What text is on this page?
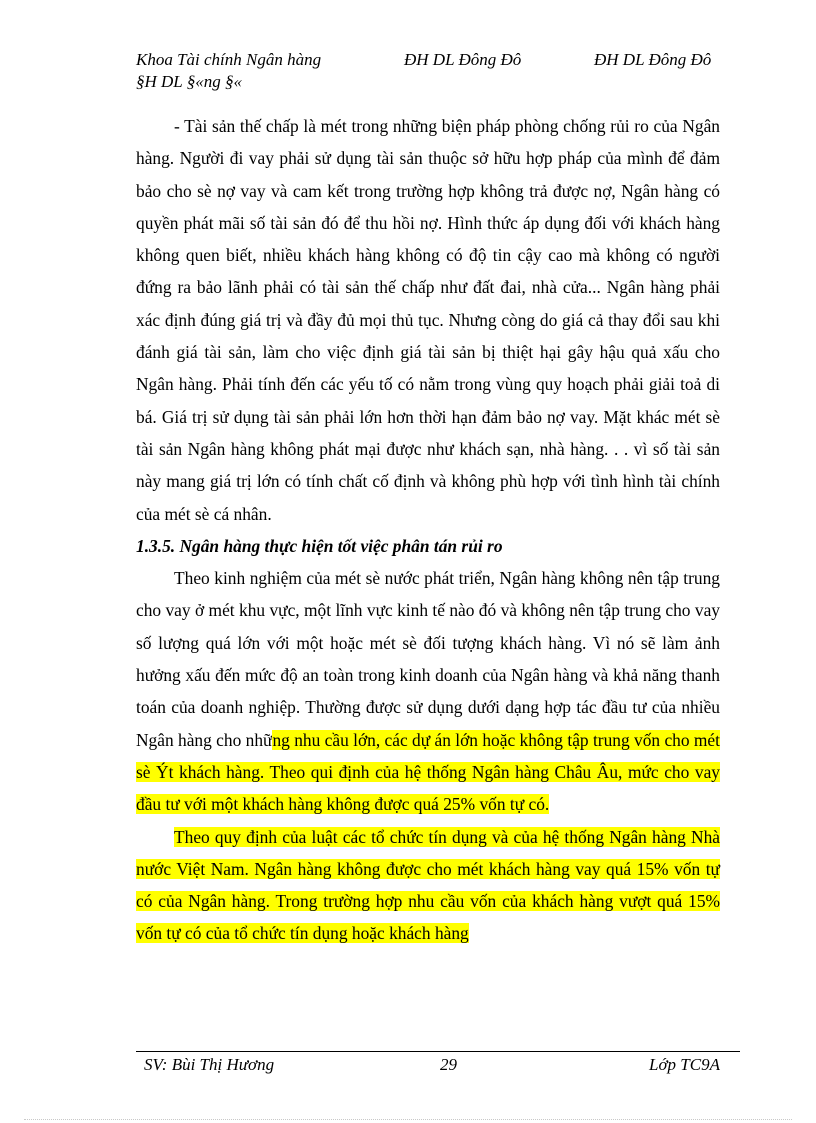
Khoa Tài chính Ngân hàng	ĐH DL Đông Đô	ĐH DL Đông Đô
§H DL §«ng §«

- Tài sản thế chấp là mét trong những biện pháp phòng chống rủi ro của Ngân hàng. Người đi vay phải sử dụng tài sản thuộc sở hữu hợp pháp của mình để đảm bảo cho sè nợ vay và cam kết trong trường hợp không trả được nợ, Ngân hàng có quyền phát mãi số tài sản đó để thu hồi nợ. Hình thức áp dụng đối với khách hàng không quen biết, nhiều khách hàng không có độ tin cậy cao mà không có người đứng ra bảo lãnh phải có tài sản thế chấp như đất đai, nhà cửa... Ngân hàng phải xác định đúng giá trị và đầy đủ mọi thủ tục. Nhưng còng do giá cả thay đổi sau khi đánh giá tài sản, làm cho việc định giá tài sản bị thiệt hại gây hậu quả xấu cho Ngân hàng. Phải tính đến các yếu tố có nằm trong vùng quy hoạch phải giải toả di bá. Giá trị sử dụng tài sản phải lớn hơn thời hạn đảm bảo nợ vay. Mặt khác mét sè tài sản Ngân hàng không phát mại được như khách sạn, nhà hàng. . . vì số tài sản này mang giá trị lớn có tính chất cố định và không phù hợp với tình hình tài chính của mét sè cá nhân.

1.3.5. Ngân hàng thực hiện tốt việc phân tán rủi ro

Theo kinh nghiệm của mét sè nước phát triển, Ngân hàng không nên tập trung cho vay ở mét khu vực, một lĩnh vực kinh tế nào đó và không nên tập trung cho vay số lượng quá lớn với một hoặc mét sè đối tượng khách hàng. Vì nó sẽ làm ảnh hưởng xấu đến mức độ an toàn trong kinh doanh của Ngân hàng và khả năng thanh toán của doanh nghiệp. Thường được sử dụng dưới dạng hợp tác đầu tư của nhiều Ngân hàng cho những nhu cầu lớn, các dự án lớn hoặc không tập trung vốn cho mét sè Ýt khách hàng. Theo qui định của hệ thống Ngân hàng Châu Âu, mức cho vay đầu tư với một khách hàng không được quá 25% vốn tự có.

Theo quy định của luật các tổ chức tín dụng và của hệ thống Ngân hàng Nhà nước Việt Nam. Ngân hàng không được cho mét khách hàng vay quá 15% vốn tự có của Ngân hàng. Trong trường hợp nhu cầu vốn của khách hàng vượt quá 15% vốn tự có của tổ chức tín dụng hoặc khách hàng

SV: Bùi Thị Hương	29	Lớp TC9A
